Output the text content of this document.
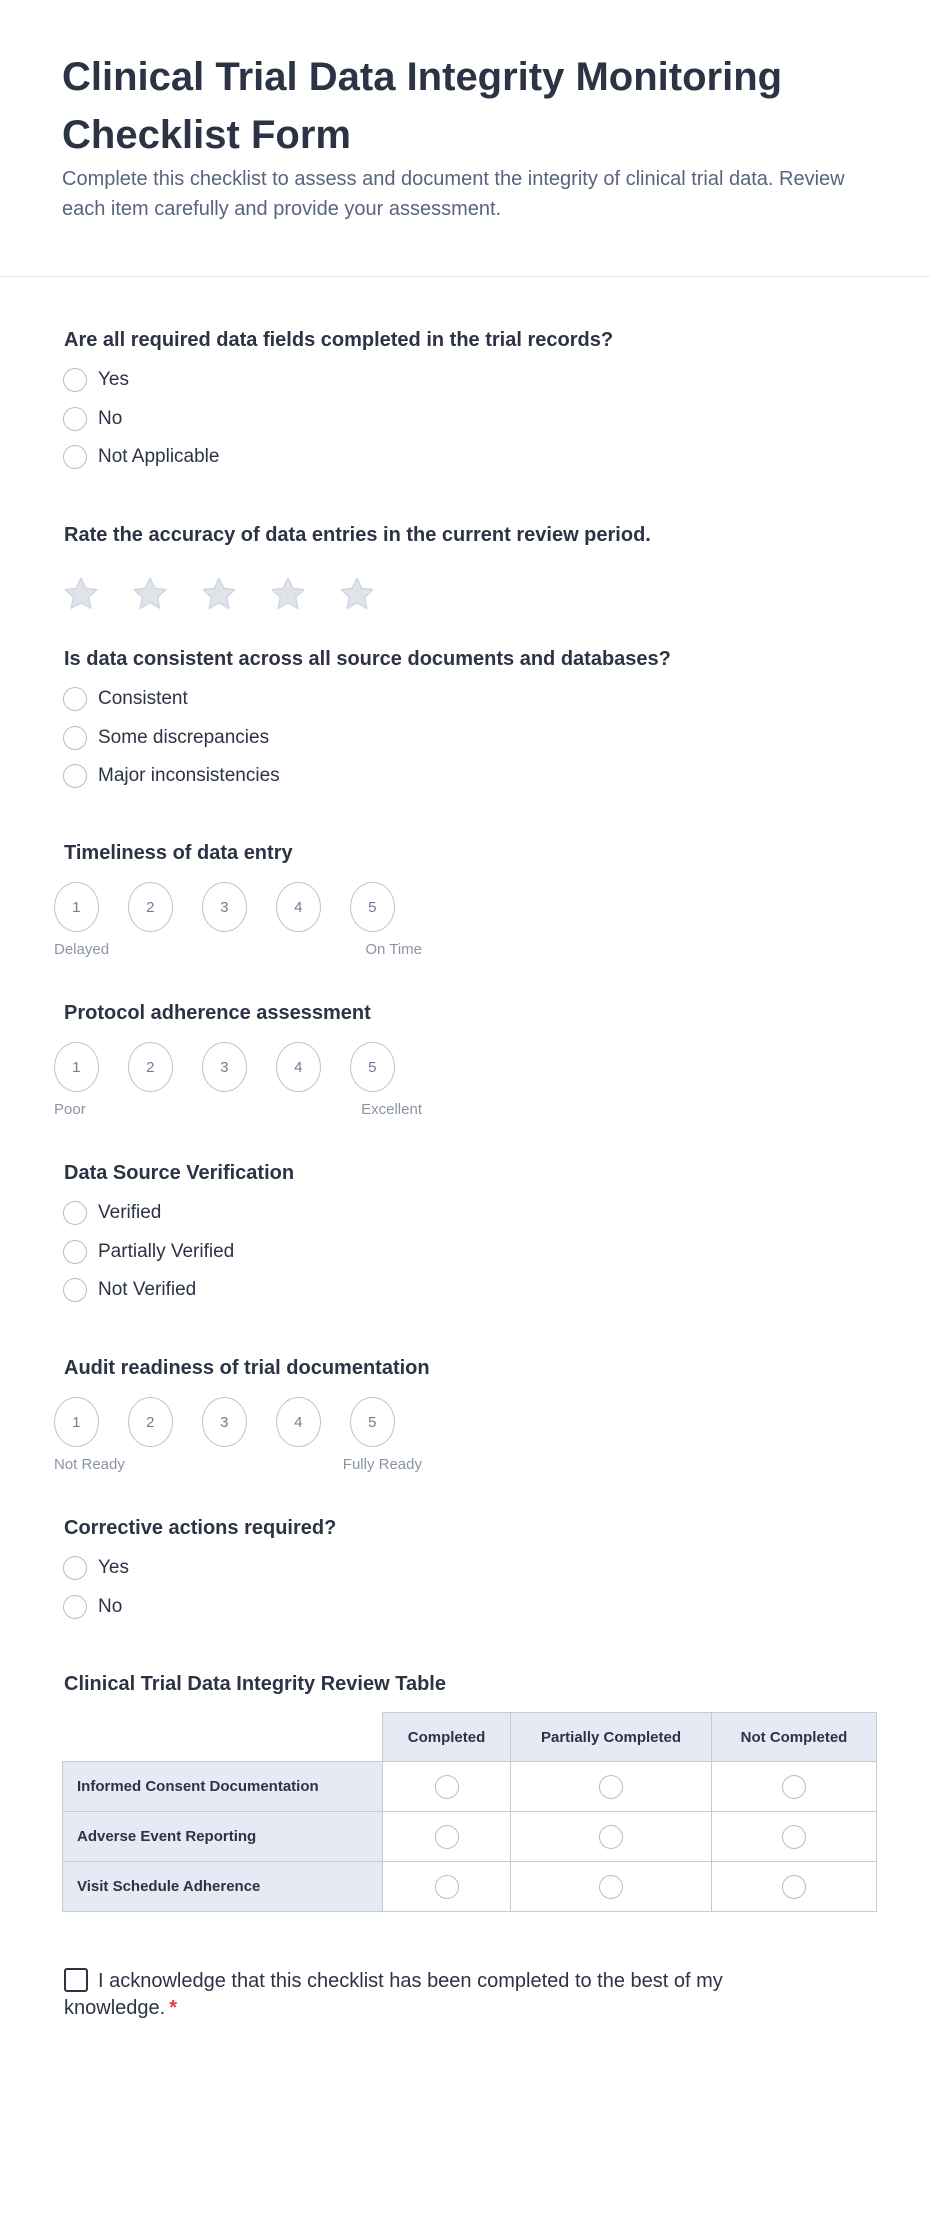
Clinical Trial Data Integrity Monitoring Checklist Form

Complete this checklist to assess and document the integrity of clinical trial data. Review each item carefully and provide your assessment.

Are all required data fields completed in the trial records?
Yes
No
Not Applicable
Rate the accuracy of data entries in the current review period.
Is data consistent across all source documents and databases?
Consistent
Some discrepancies
Major inconsistencies
Timeliness of data entry
1	2	3	4	5
Delayed	On Time
Protocol adherence assessment
1	2	3	4	5
Poor	Excellent
Data Source Verification
Verified
Partially Verified
Not Verified
Audit readiness of trial documentation
1	2	3	4	5
Not Ready	Fully Ready
Corrective actions required?
Yes
No
Clinical Trial Data Integrity Review Table
	Completed	Partially Completed	Not Completed
Informed Consent Documentation			
Adverse Event Reporting			
Visit Schedule Adherence			
I acknowledge that this checklist has been completed to the best of my knowledge. *
